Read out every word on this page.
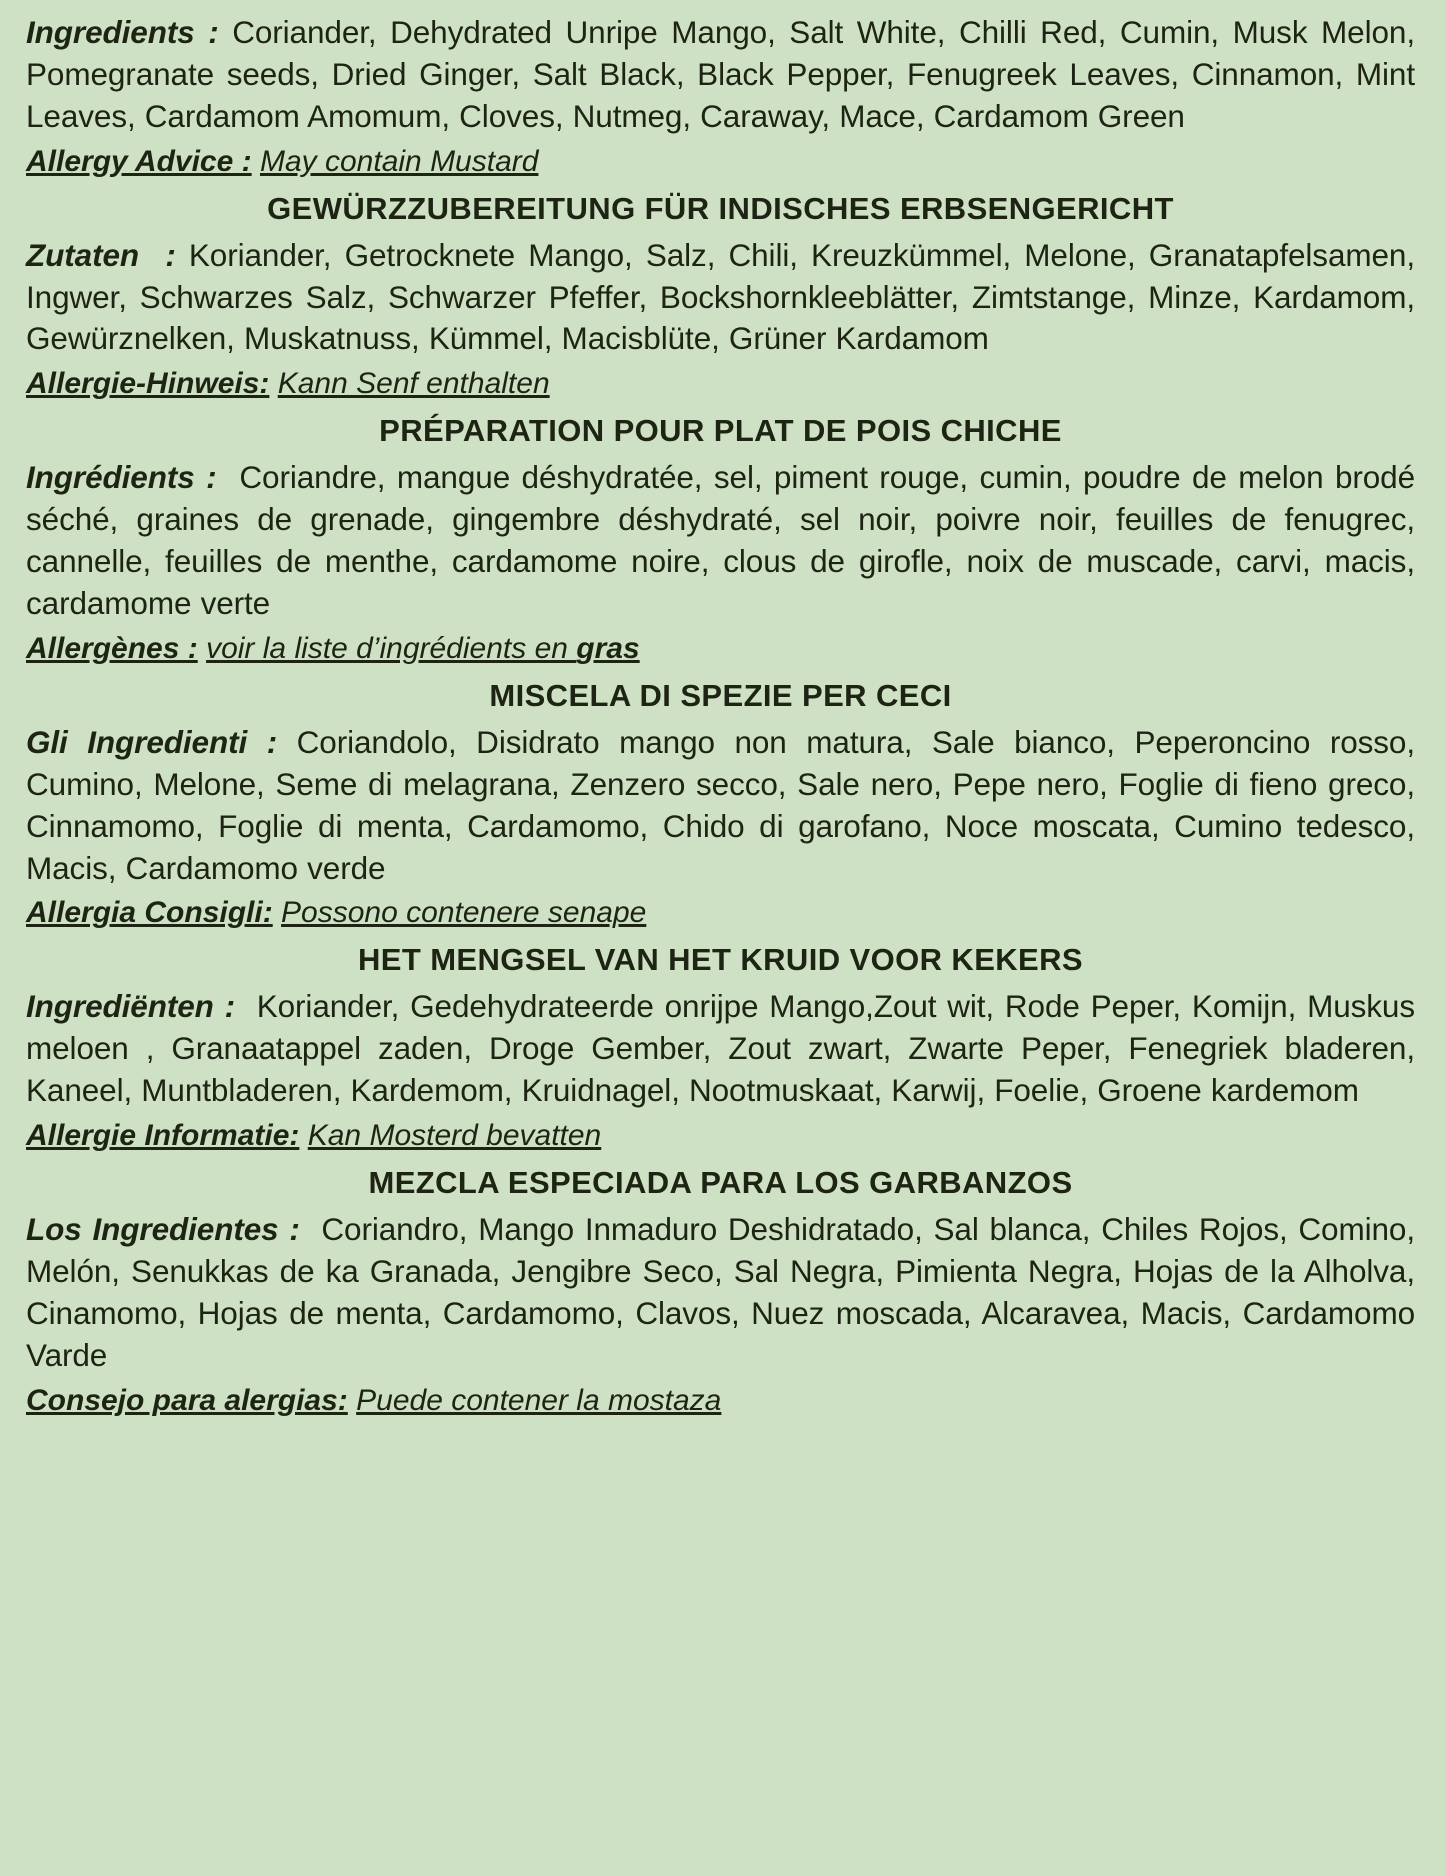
Ingredients : Coriander, Dehydrated Unripe Mango, Salt White, Chilli Red, Cumin, Musk Melon, Pomegranate seeds, Dried Ginger, Salt Black, Black Pepper, Fenugreek Leaves, Cinnamon, Mint Leaves, Cardamom Amomum, Cloves, Nutmeg, Caraway, Mace, Cardamom Green

Allergy Advice : May contain Mustard

GEWÜRZZUBEREITUNG FÜR INDISCHES ERBSENGERICHT

Zutaten : Koriander, Getrocknete Mango, Salz, Chili, Kreuzkümmel, Melone, Granatapfelsamen, Ingwer, Schwarzes Salz, Schwarzer Pfeffer, Bockshornkleeblätter, Zimtstange, Minze, Kardamom, Gewürznelken, Muskatnuss, Kümmel, Macisblüte, Grüner Kardamom

Allergie-Hinweis: Kann Senf enthalten

PRÉPARATION POUR PLAT DE POIS CHICHE

Ingrédients : Coriandre, mangue déshydratée, sel, piment rouge, cumin, poudre de melon brodé séché, graines de grenade, gingembre déshydraté, sel noir, poivre noir, feuilles de fenugrec, cannelle, feuilles de menthe, cardamome noire, clous de girofle, noix de muscade, carvi, macis, cardamome verte

Allergènes : voir la liste d’ingrédients en gras

MISCELA DI SPEZIE PER CECI

Gli Ingredienti : Coriandolo, Disidrato mango non matura, Sale bianco, Peperoncino rosso, Cumino, Melone, Seme di melagrana, Zenzero secco, Sale nero, Pepe nero, Foglie di fieno greco, Cinnamomo, Foglie di menta, Cardamomo, Chido di garofano, Noce moscata, Cumino tedesco, Macis, Cardamomo verde

Allergia Consigli: Possono contenere senape

HET MENGSEL VAN HET KRUID VOOR KEKERS

Ingrediënten : Koriander, Gedehydrateerde onrijpe Mango,Zout wit, Rode Peper, Komijn, Muskus meloen , Granaatappel zaden, Droge Gember, Zout zwart, Zwarte Peper, Fenegriek bladeren, Kaneel, Muntbladeren, Kardemom, Kruidnagel, Nootmuskaat, Karwij, Foelie, Groene kardemom

Allergie Informatie: Kan Mosterd bevatten

MEZCLA ESPECIADA PARA LOS GARBANZOS

Los Ingredientes : Coriandro, Mango Inmaduro Deshidratado, Sal blanca, Chiles Rojos, Comino, Melón, Senukkas de ka Granada, Jengibre Seco, Sal Negra, Pimienta Negra, Hojas de la Alholva, Cinamomo, Hojas de menta, Cardamomo, Clavos, Nuez moscada, Alcaravea, Macis, Cardamomo Varde

Consejo para alergias: Puede contener la mostaza
